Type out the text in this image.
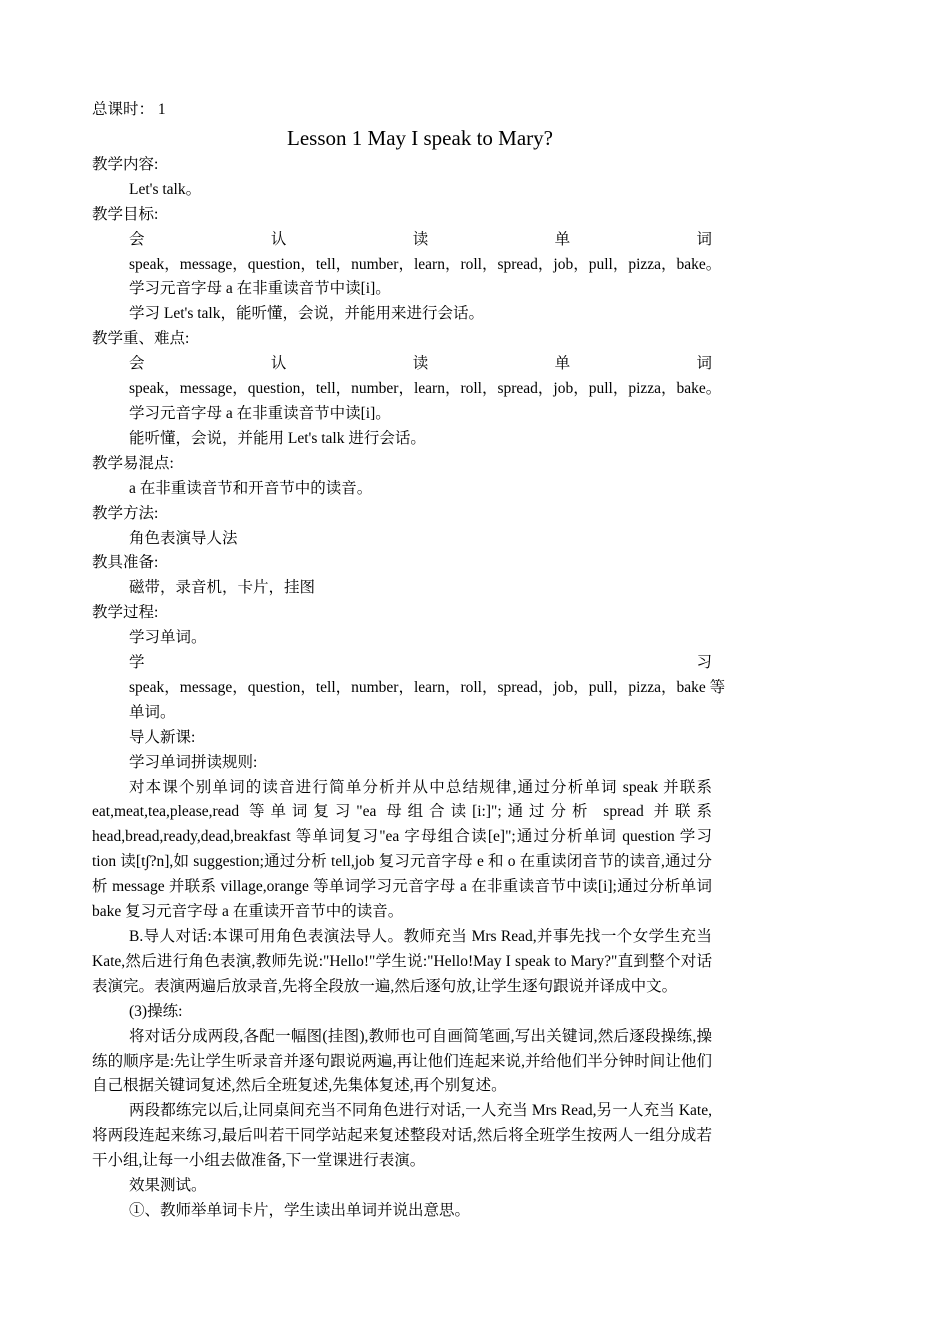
总课时： 1
Lesson 1 May I speak to Mary?
教学内容:
Let's talk。
教学目标:
会	认	读	单	词
speak，message，question，tell，number，learn，roll，spread，job，pull，pizza，bake。
学习元音字母 a 在非重读音节中读[i]。
学习 Let's talk，能听懂，会说，并能用来进行会话。
教学重、难点:
会	认	读	单	词
speak，message，question，tell，number，learn，roll，spread，job，pull，pizza，bake。
学习元音字母 a 在非重读音节中读[i]。
能听懂，会说，并能用 Let's talk 进行会话。
教学易混点:
a 在非重读音节和开音节中的读音。
教学方法:
角色表演导人法
教具准备:
磁带，录音机，卡片，挂图
教学过程:
学习单词。
学	习
speak，message，question，tell，number，learn，roll，spread，job，pull，pizza，bake 等
单词。
导人新课:
学习单词拼读规则:
对本课个别单词的读音进行简单分析并从中总结规律,通过分析单词 speak 并联系 eat,meat,tea,please,read 等单词复习"ea 母组合读[i:]";通过分析 spread 并联系 head,bread,ready,dead,breakfast 等单词复习"ea 字母组合读[e]";通过分析单词 question 学习 tion 读[t∫?n],如 suggestion;通过分析 tell,job 复习元音字母 e 和 o 在重读闭音节的读音,通过分析 message 并联系 village,orange 等单词学习元音字母 a 在非重读音节中读[i];通过分析单词 bake 复习元音字母 a 在重读开音节中的读音。
B.导人对话:本课可用角色表演法导人。教师充当 Mrs Read,并事先找一个女学生充当 Kate,然后进行角色表演,教师先说:"Hello!"学生说:"Hello!May I speak to Mary?"直到整个对话表演完。表演两遍后放录音,先将全段放一遍,然后逐句放,让学生逐句跟说并译成中文。
(3)操练:
将对话分成两段,各配一幅图(挂图),教师也可自画简笔画,写出关键词,然后逐段操练,操练的顺序是:先让学生听录音并逐句跟说两遍,再让他们连起来说,并给他们半分钟时间让他们自己根据关键词复述,然后全班复述,先集体复述,再个别复述。
两段都练完以后,让同桌间充当不同角色进行对话,一人充当 Mrs Read,另一人充当 Kate,将两段连起来练习,最后叫若干同学站起来复述整段对话,然后将全班学生按两人一组分成若干小组,让每一小组去做准备,下一堂课进行表演。
效果测试。
①、教师举单词卡片，学生读出单词并说出意思。
